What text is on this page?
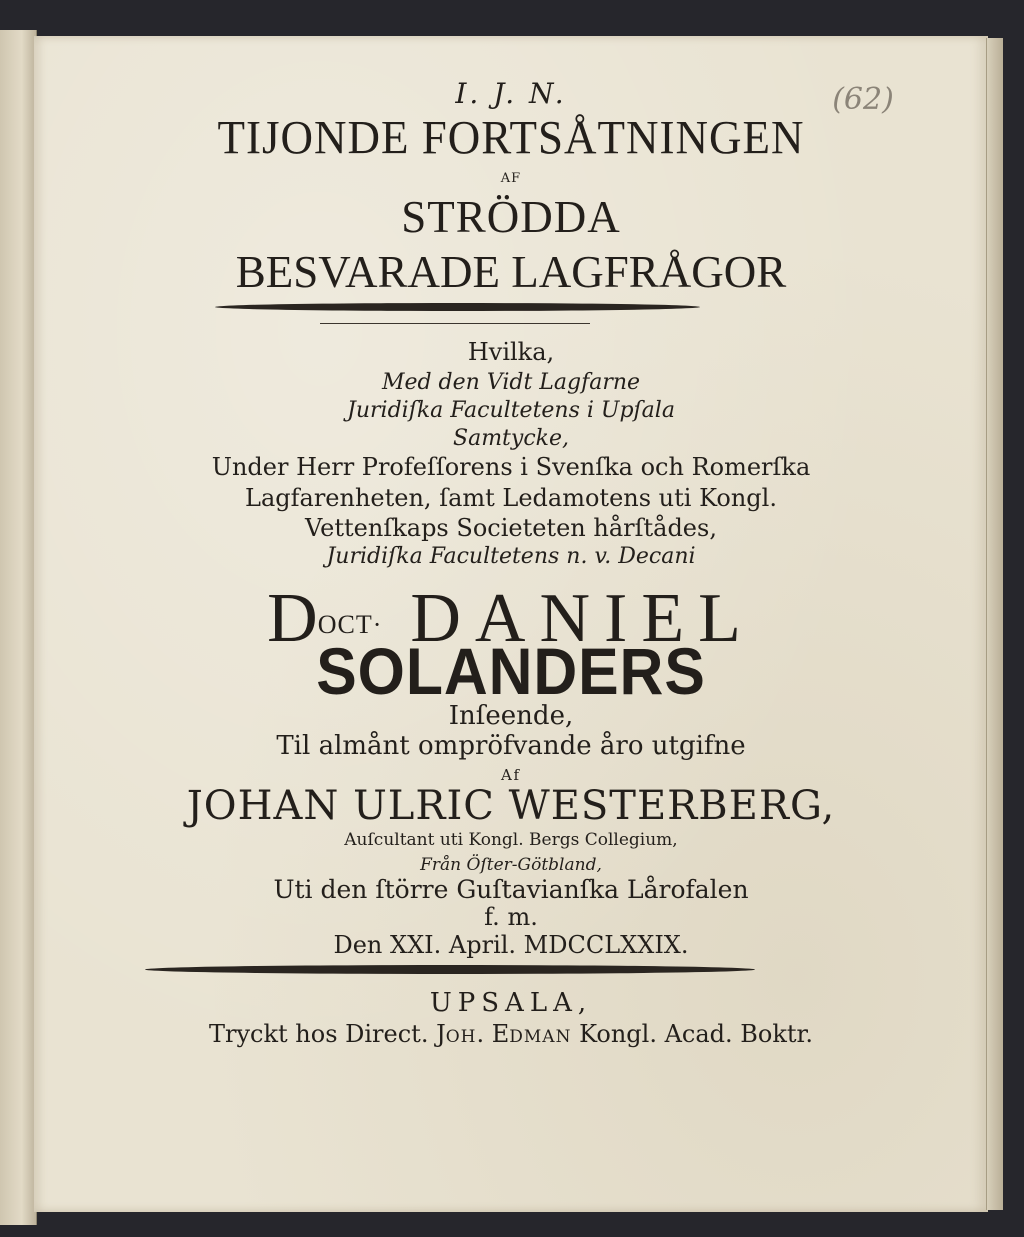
(62)
I. J. N.
TIJONDE FORTSÅTNINGEN
AF
STRÖDDA
BESVARADE LAGFRÅGOR
Hvilka,
Med den Vidt Lagfarne
Juridiſka Facultetens i Upſala
Samtycke,
Under Herr Profeſſorens i Svenſka och Romerſka
Lagfarenheten, ſamt Ledamotens uti Kongl.
Vettenſkaps Societeten hårſtådes,
Juridiſka Facultetens n. v. Decani
DOCT· DANIEL
SOLANDERS
Inſeende,
Til almånt ompröfvande åro utgifne
Af
JOHAN ULRIC WESTERBERG,
Auſcultant uti Kongl. Bergs Collegium,
Från Öſter-Götbland,
Uti den ſtörre Guſtavianſka Lårofalen
f. m.
Den XXI. April. MDCCLXXIX.
UPSALA,
Tryckt hos Direct. JOH. EDMAN Kongl. Acad. Boktr.
